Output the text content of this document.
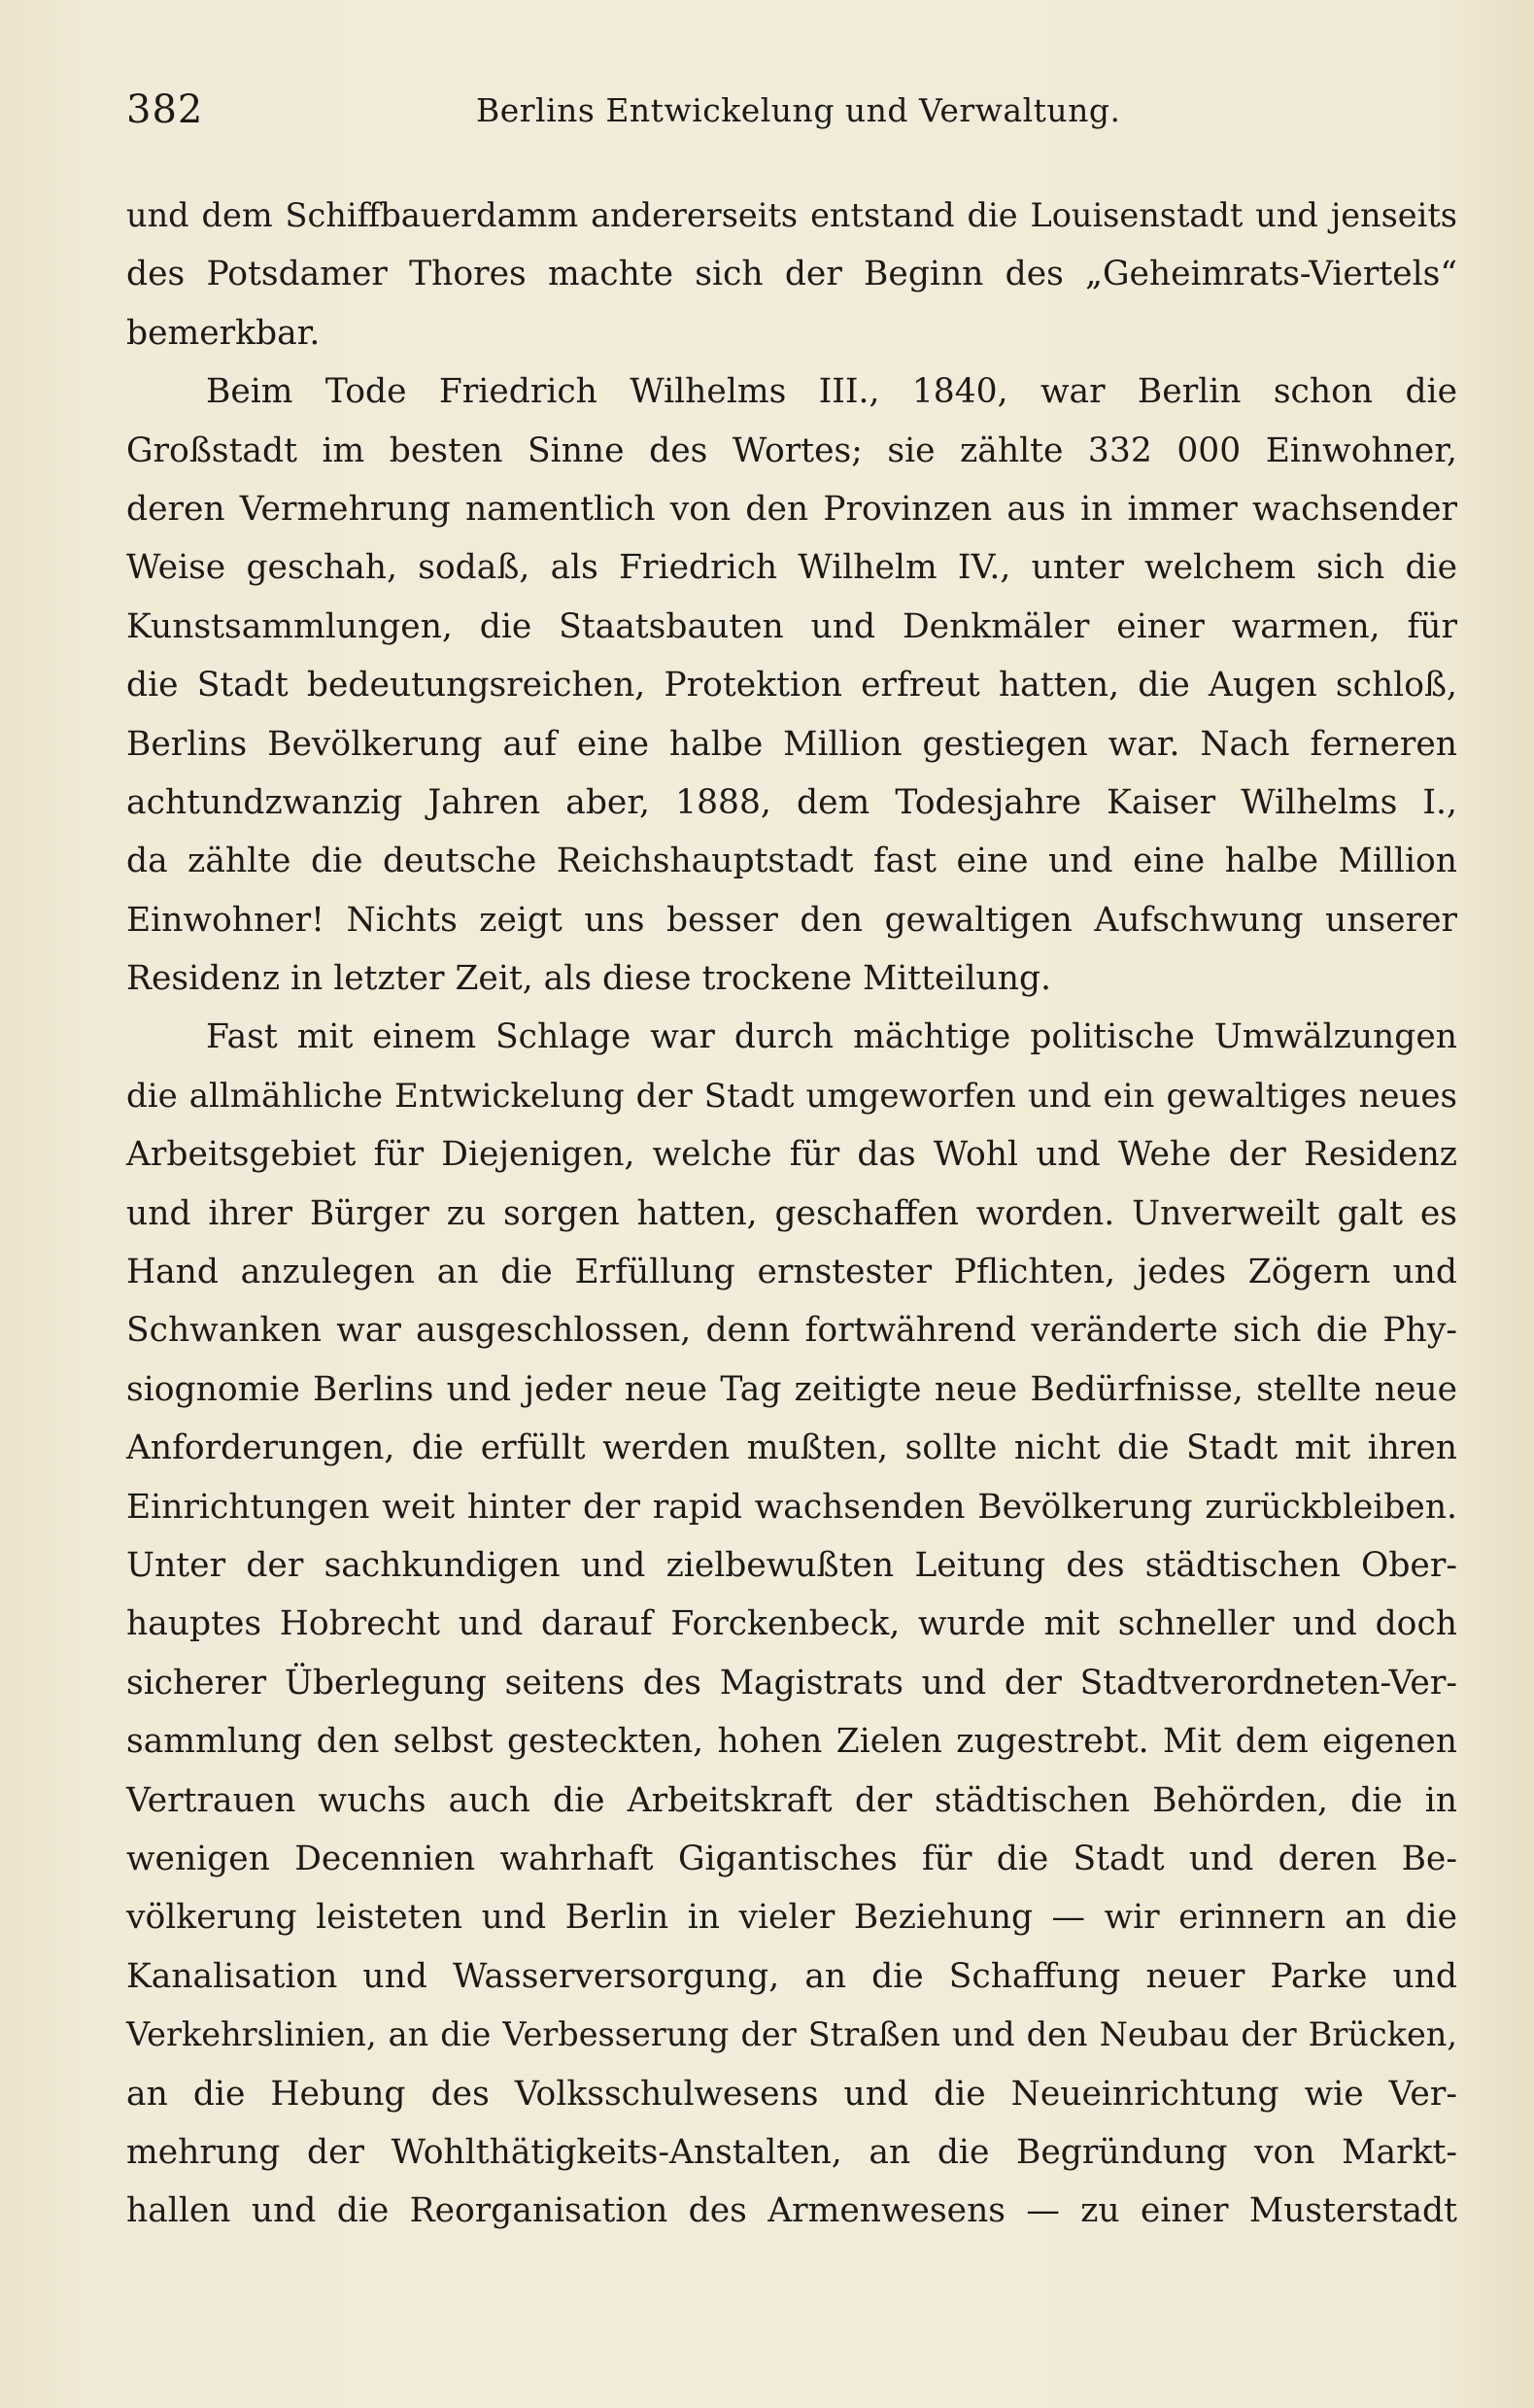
382	Berlins Entwickelung und Verwaltung.
und dem Schiffbauerdamm andererseits entstand die Louisenstadt und jenseits
des Potsdamer Thores machte sich der Beginn des „Geheimrats-Viertels“
bemerkbar.
Beim Tode Friedrich Wilhelms III., 1840, war Berlin schon die
Großstadt im besten Sinne des Wortes; sie zählte 332 000 Einwohner,
deren Vermehrung namentlich von den Provinzen aus in immer wachsender
Weise geschah, sodaß, als Friedrich Wilhelm IV., unter welchem sich die
Kunstsammlungen, die Staatsbauten und Denkmäler einer warmen, für
die Stadt bedeutungsreichen, Protektion erfreut hatten, die Augen schloß,
Berlins Bevölkerung auf eine halbe Million gestiegen war. Nach ferneren
achtundzwanzig Jahren aber, 1888, dem Todesjahre Kaiser Wilhelms I.,
da zählte die deutsche Reichshauptstadt fast eine und eine halbe Million
Einwohner! Nichts zeigt uns besser den gewaltigen Aufschwung unserer
Residenz in letzter Zeit, als diese trockene Mitteilung.
Fast mit einem Schlage war durch mächtige politische Umwälzungen
die allmähliche Entwickelung der Stadt umgeworfen und ein gewaltiges neues
Arbeitsgebiet für Diejenigen, welche für das Wohl und Wehe der Residenz
und ihrer Bürger zu sorgen hatten, geschaffen worden. Unverweilt galt es
Hand anzulegen an die Erfüllung ernstester Pflichten, jedes Zögern und
Schwanken war ausgeschlossen, denn fortwährend veränderte sich die Phy-
siognomie Berlins und jeder neue Tag zeitigte neue Bedürfnisse, stellte neue
Anforderungen, die erfüllt werden mußten, sollte nicht die Stadt mit ihren
Einrichtungen weit hinter der rapid wachsenden Bevölkerung zurückbleiben.
Unter der sachkundigen und zielbewußten Leitung des städtischen Ober-
hauptes Hobrecht und darauf Forckenbeck, wurde mit schneller und doch
sicherer Überlegung seitens des Magistrats und der Stadtverordneten-Ver-
sammlung den selbst gesteckten, hohen Zielen zugestrebt. Mit dem eigenen
Vertrauen wuchs auch die Arbeitskraft der städtischen Behörden, die in
wenigen Decennien wahrhaft Gigantisches für die Stadt und deren Be-
völkerung leisteten und Berlin in vieler Beziehung — wir erinnern an die
Kanalisation und Wasserversorgung, an die Schaffung neuer Parke und
Verkehrslinien, an die Verbesserung der Straßen und den Neubau der Brücken,
an die Hebung des Volksschulwesens und die Neueinrichtung wie Ver-
mehrung der Wohlthätigkeits-Anstalten, an die Begründung von Markt-
hallen und die Reorganisation des Armenwesens — zu einer Musterstadt
